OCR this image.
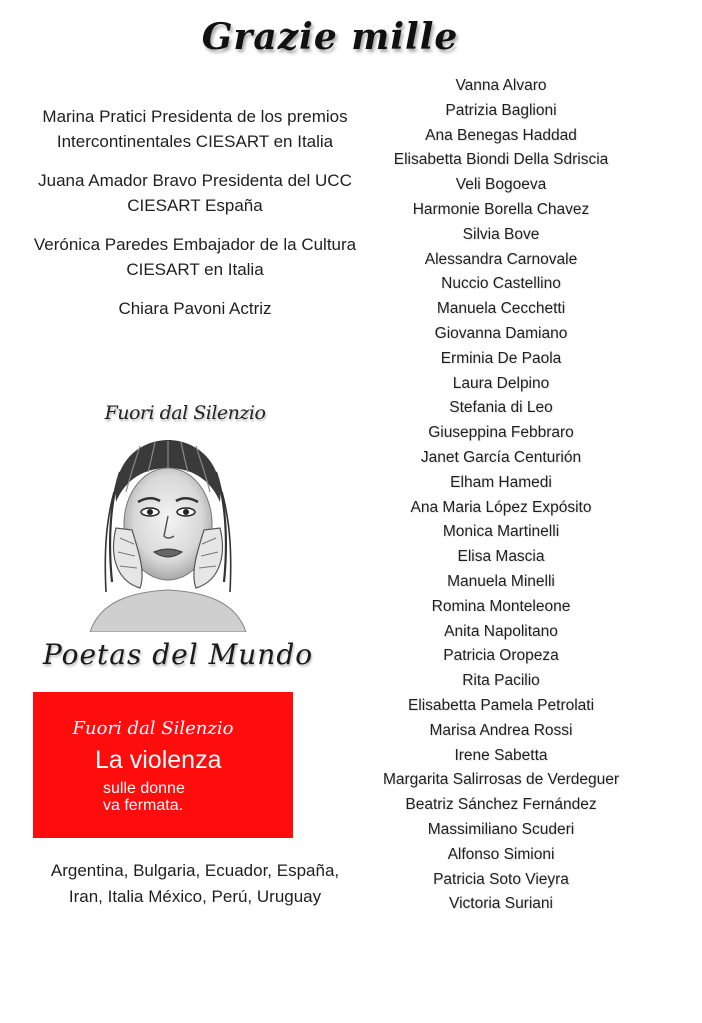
Grazie mille
Marina Pratici Presidenta de los premios Intercontinentales CIESART en Italia
Juana Amador Bravo Presidenta del UCC CIESART España
Verónica Paredes Embajador de la Cultura CIESART en Italia
Chiara Pavoni Actriz
Vanna Alvaro
Patrizia Baglioni
Ana Benegas Haddad
Elisabetta Biondi Della Sdriscia
Veli Bogoeva
Harmonie Borella Chavez
Silvia Bove
Alessandra Carnovale
Nuccio Castellino
Manuela Cecchetti
Giovanna Damiano
Erminia De Paola
Laura Delpino
Stefania di Leo
Giuseppina Febbraro
Janet García Centurión
Elham Hamedi
Ana Maria López Expósito
Monica Martinelli
Elisa Mascia
Manuela Minelli
Romina Monteleone
Anita Napolitano
Patricia Oropeza
Rita Pacilio
Elisabetta Pamela Petrolati
Marisa Andrea Rossi
Irene Sabetta
Margarita Salirrosas de Verdeguer
Beatriz Sánchez Fernández
Massimiliano Scuderi
Alfonso Simioni
Patricia Soto Vieyra
Victoria Suriani
Fuori dal Silenzio
Poetas del Mundo
Fuori dal Silenzio
La violenza
sulle donne
va fermata.
Argentina, Bulgaria, Ecuador, España, Iran, Italia México, Perú, Uruguay
